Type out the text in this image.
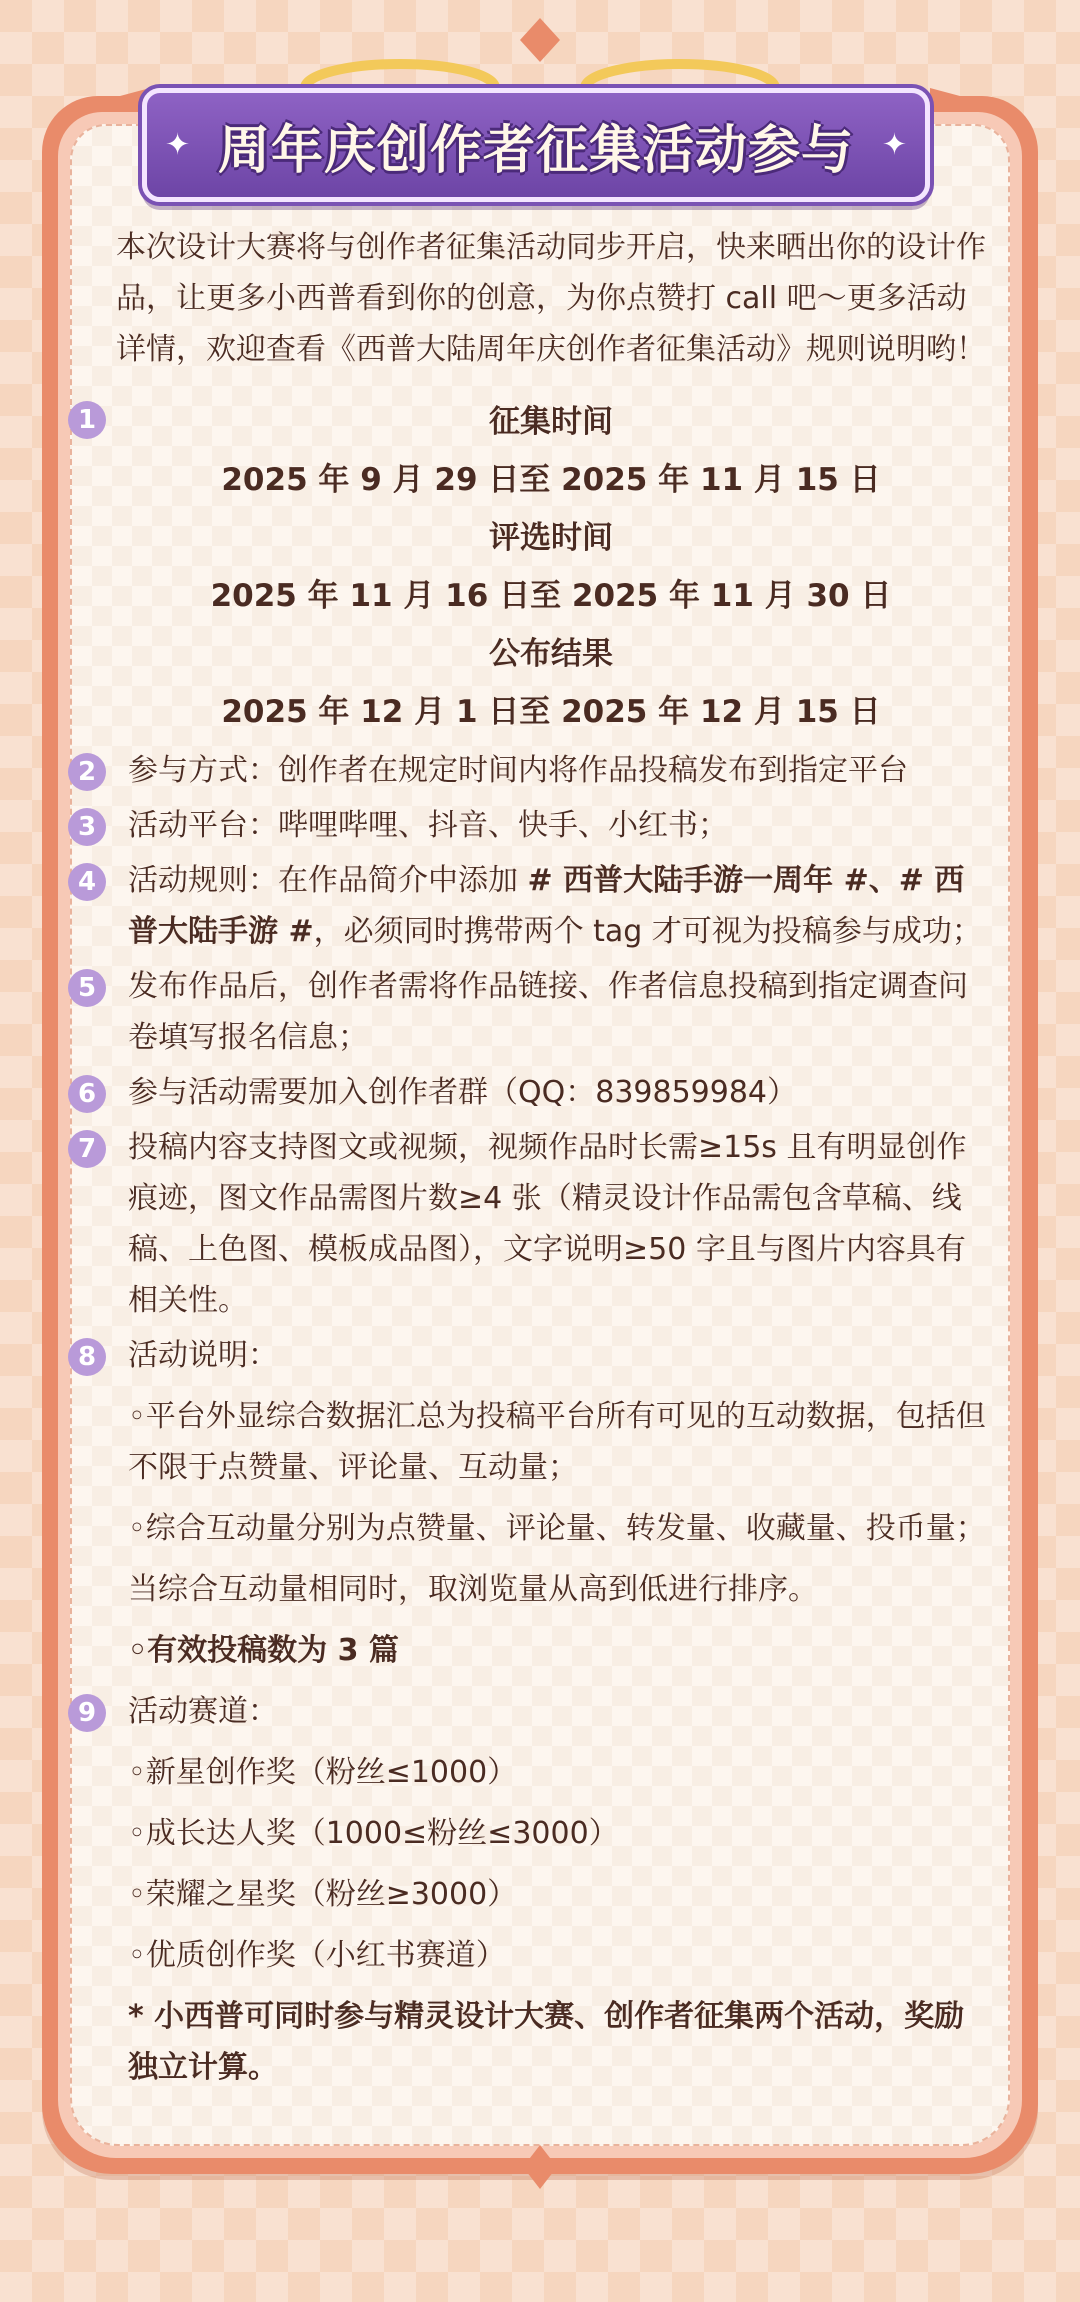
✦ 周年庆创作者征集活动参与 ✦

本次设计大赛将与创作者征集活动同步开启，快来晒出你的设计作品，让更多小西普看到你的创意，为你点赞打 call 吧～更多活动详情，欢迎查看《西普大陆周年庆创作者征集活动》规则说明哟！

1	征集时间
2025 年 9 月 29 日至 2025 年 11 月 15 日
评选时间
2025 年 11 月 16 日至 2025 年 11 月 30 日
公布结果
2025 年 12 月 1 日至 2025 年 12 月 15 日
2	参与方式：创作者在规定时间内将作品投稿发布到指定平台
3	活动平台：哔哩哔哩、抖音、快手、小红书；
4	活动规则：在作品简介中添加 # 西普大陆手游一周年 #、# 西普大陆手游 #，必须同时携带两个 tag 才可视为投稿参与成功；
5	发布作品后，创作者需将作品链接、作者信息投稿到指定调查问卷填写报名信息；
6	参与活动需要加入创作者群（QQ：839859984）
7	投稿内容支持图文或视频，视频作品时长需≥15s 且有明显创作痕迹，图文作品需图片数≥4 张（精灵设计作品需包含草稿、线稿、上色图、模板成品图），文字说明≥50 字且与图片内容具有相关性。
8	活动说明：
◦平台外显综合数据汇总为投稿平台所有可见的互动数据，包括但不限于点赞量、评论量、互动量；
◦综合互动量分别为点赞量、评论量、转发量、收藏量、投币量；
当综合互动量相同时，取浏览量从高到低进行排序。
◦有效投稿数为 3 篇
9	活动赛道：
◦新星创作奖（粉丝≤1000）
◦成长达人奖（1000≤粉丝≤3000）
◦荣耀之星奖（粉丝≥3000）
◦优质创作奖（小红书赛道）
* 小西普可同时参与精灵设计大赛、创作者征集两个活动，奖励独立计算。
